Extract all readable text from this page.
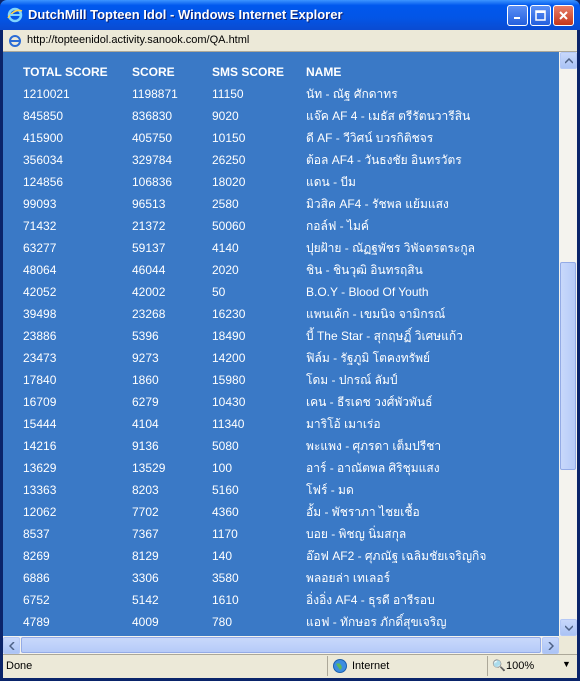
DutchMill Topteen Idol - Windows Internet Explorer
http://topteenidol.activity.sanook.com/QA.html
TOTAL SCORE	SCORE	SMS SCORE	NAME
1210021	1198871	11150	นัท - ณัฐ ศักดาทร
845850	836830	9020	แจ๊ค AF 4 - เมธัส ตรีรัตนวารีสิน
415900	405750	10150	ดี AF - วีวิศน์ บวรกิติชจร
356034	329784	26250	ต้อล AF4 - วันธงชัย อินทรวัตร
124856	106836	18020	แดน - บีม
99093	96513	2580	มิวสิค AF4 - รัชพล แย้มแสง
71432	21372	50060	กอล์ฟ - ไมค์
63277	59137	4140	ปุยฝ้าย - ณัฏฐพัชร วิพัจตรตระกูล
48064	46044	2020	ชิน - ชินวุฒิ อินทรฤสิน
42052	42002	50	B.O.Y - Blood Of Youth
39498	23268	16230	แพนเค้ก - เขมนิจ จามิกรณ์
23886	5396	18490	บี้ The Star - สุกฤษฏิ์ วิเศษแก้ว
23473	9273	14200	ฟิล์ม - รัฐภูมิ โตคงทรัพย์
17840	1860	15980	โดม - ปกรณ์ ลัมป์
16709	6279	10430	เคน - ธีรเดช วงศ์พัวพันธ์
15444	4104	11340	มาริโอ้ เมาเร่อ
14216	9136	5080	พะแพง - ศุภรดา เต็มปรีชา
13629	13529	100	อาร์ - อาณัตพล ศิริชุมแสง
13363	8203	5160	โฟร์ - มด
12062	7702	4360	อั้ม - พัชราภา ไชยเชื้อ
8537	7367	1170	บอย - พิชญ นิ่มสกุล
8269	8129	140	อ๊อฟ AF2 - ศุภณัฐ เฉลิมชัยเจริญกิจ
6886	3306	3580	พลอยล่า เทเลอร์
6752	5142	1610	อิ่งอิ่ง AF4 - ธุรดี อารีรอบ
4789	4009	780	แอฟ - ทักษอร ภักดิ์สุขเจริญ
Done	Internet	🔍 100%	▼
